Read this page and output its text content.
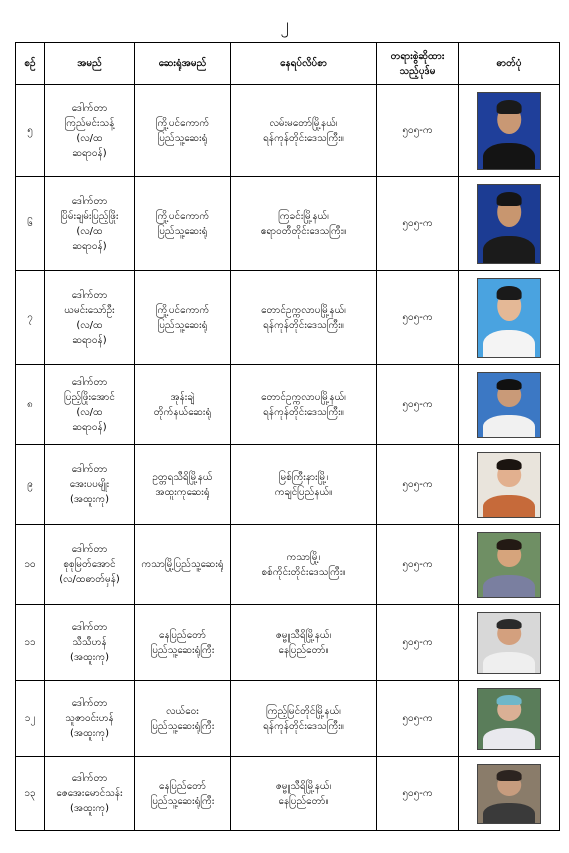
၂
စဉ်	အမည်	ဆေးရုံအမည်	နေရပ်လိပ်စာ	တရားစွဲဆိုထား
သည့်ပုဒ်မ	ဓာတ်ပုံ
၅	ဒေါက်တာ
ကြည်မင်းသန့်
(လ/ထ
ဆရာဝန်)	ကြို့ပင်ကောက်
ပြည်သူ့ဆေးရုံ	လမ်းမတော်မြို့နယ်၊
ရန်ကုန်တိုင်းဒေသကြီး။	၅၀၅-က	

၆	ဒေါက်တာ
ပြိမ်းချမ်းပြည့်ဖြိုး
(လ/ထ
ဆရာဝန်)	ကြို့ပင်ကောက်
ပြည်သူ့ဆေးရုံ	ကြခင်းမြို့နယ်၊
ဧရာဝတီတိုင်းဒေသကြီး။	၅၀၅-က	

၇	ဒေါက်တာ
ယမင်းသော်ဦး
(လ/ထ
ဆရာဝန်)	ကြို့ပင်ကောက်
ပြည်သူ့ဆေးရုံ	တောင်ဥက္ကလာပမြို့နယ်၊
ရန်ကုန်တိုင်းဒေသကြီး။	၅၀၅-က	

၈	ဒေါက်တာ
ပြည့်ဖြိုးအောင်
(လ/ထ
ဆရာဝန်)	အုန်းချဲ
တိုက်နယ်ဆေးရုံ	တောင်ဥက္ကလာပမြို့နယ်၊
ရန်ကုန်တိုင်းဒေသကြီး။	၅၀၅-က	

၉	ဒေါက်တာ
အေးပပမျိုး
(အထူးကု)	ဥတ္တရသီရိမြို့နယ်
အထူးကုဆေးရုံ	မြစ်ကြီးနားမြို့၊
ကချင်ပြည်နယ်။	၅၀၅-က	

၁၀	ဒေါက်တာ
စုစုမြတ်အောင်
(လ/ထဓာတ်မှန်)	ကသာမြို့ပြည်သူ့ဆေးရုံ	ကသာမြို့၊
စစ်ကိုင်းတိုင်းဒေသကြီး။	၅၀၅-က	

၁၁	ဒေါက်တာ
သီသီဟန်
(အထူးကု)	နေပြည်တော်
ပြည်သူ့ဆေးရုံကြီး	ဇမ္ဗူသီရိမြို့နယ်၊
နေပြည်တော်။	၅၀၅-က	

၁၂	ဒေါက်တာ
သူဇာဝင်းဟန်
(အထူးကု)	လယ်ဝေး
ပြည်သူ့ဆေးရုံကြီး	ကြည့်မြင်တိုင်မြို့နယ်၊
ရန်ကုန်တိုင်းဒေသကြီး။	၅၀၅-က	

၁၃	ဒေါက်တာ
ဇေအေးမောင်သန်း
(အထူးကု)	နေပြည်တော်
ပြည်သူ့ဆေးရုံကြီး	ဇမ္ဗူသီရိမြို့နယ်၊
နေပြည်တော်။	၅၀၅-က	
